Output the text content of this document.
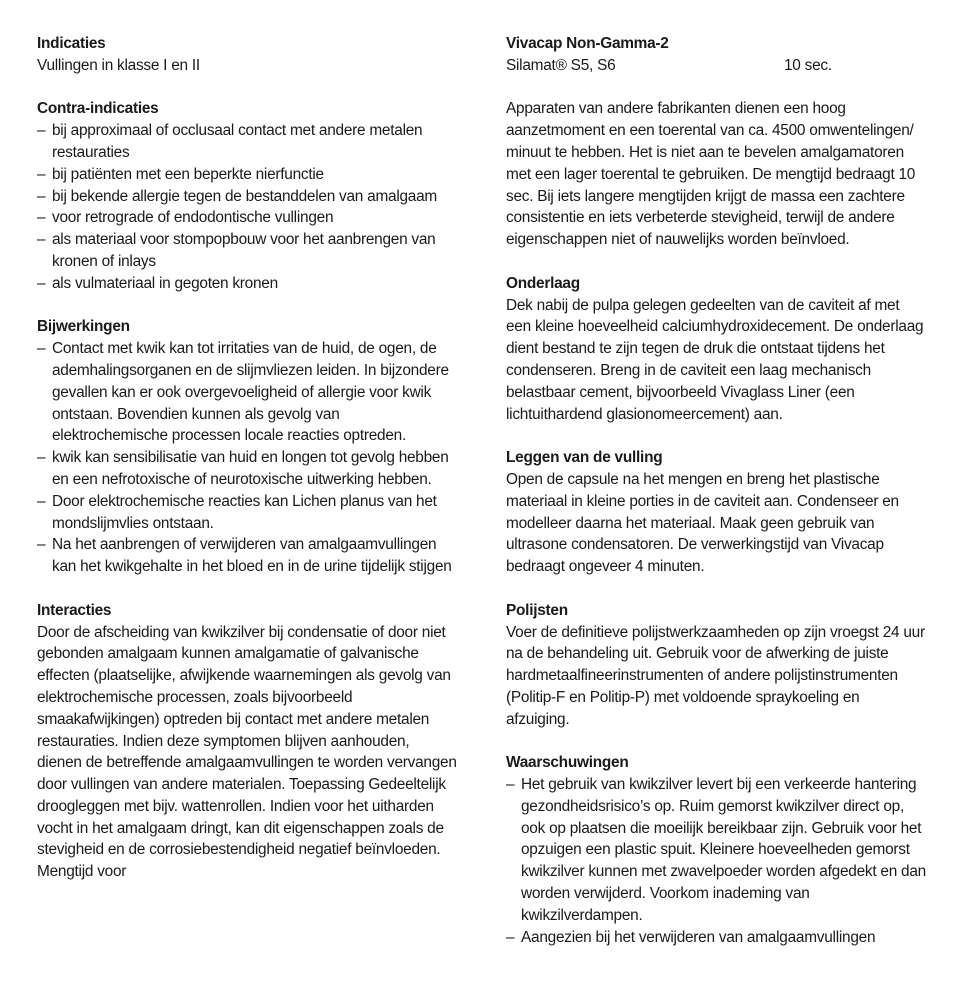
Indicaties

Vullingen in klasse I en II

Contra-indicaties

– bij approximaal of occlusaal contact met andere metalen restauraties
– bij patiënten met een beperkte nierfunctie
– bij bekende allergie tegen de bestanddelen van amalgaam
– voor retrograde of endodontische vullingen
– als materiaal voor stompopbouw voor het aanbrengen van kronen of inlays
– als vulmateriaal in gegoten kronen

Bijwerkingen

– Contact met kwik kan tot irritaties van de huid, de ogen, de ademhalingsorganen en de slijmvliezen leiden. In bijzondere gevallen kan er ook overgevoeligheid of allergie voor kwik ontstaan. Bovendien kunnen als gevolg van elektrochemische processen locale reacties optreden.
– kwik kan sensibilisatie van huid en longen tot gevolg hebben en een nefrotoxische of neurotoxische uitwerking hebben.
– Door elektrochemische reacties kan Lichen planus van het mondslijmvlies ontstaan.
– Na het aanbrengen of verwijderen van amalgaamvullingen kan het kwikgehalte in het bloed en in de urine tijdelijk stijgen

Interacties

Door de afscheiding van kwikzilver bij condensatie of door niet gebonden amalgaam kunnen amalgamatie of galvanische effecten (plaatselijke, afwijkende waarnemingen als gevolg van elektrochemische processen, zoals bijvoorbeeld smaakafwijkingen) optreden bij contact met andere metalen restauraties. Indien deze symptomen blijven aanhouden, dienen de betreffende amalgaamvullingen te worden vervangen door vullingen van andere materialen. Toepassing Gedeeltelijk drooglеggen met bijv. wattenrollen. Indien voor het uitharden vocht in het amalgaam dringt, kan dit eigenschappen zoals de stevigheid en de corrosiebestendigheid negatief beïnvloeden. Mengtijd voor

Vivacap Non-Gamma-2

Silamat® S5, S6	10 sec.

Apparaten van andere fabrikanten dienen een hoog aanzetmoment en een toerental van ca. 4500 omwentelingen/ minuut te hebben. Het is niet aan te bevelen amalgamatoren met een lager toerental te gebruiken. De mengtijd bedraagt 10 sec. Bij iets langere mengtijden krijgt de massa een zachtere consistentie en iets verbeterde stevigheid, terwijl de andere eigenschappen niet of nauwelijks worden beïnvloed.

Onderlaag

Dek nabij de pulpa gelegen gedeelten van de caviteit af met een kleine hoeveelheid calciumhydroxidecement. De onderlaag dient bestand te zijn tegen de druk die ontstaat tijdens het condenseren. Breng in de caviteit een laag mechanisch belastbaar cement, bijvoorbeeld Vivaglass Liner (een lichtuithardend glasionomeercement) aan.

Leggen van de vulling

Open de capsule na het mengen en breng het plastische materiaal in kleine porties in de caviteit aan. Condenseer en modelleer daarna het materiaal. Maak geen gebruik van ultrasone condensatoren. De verwerkingstijd van Vivacap bedraagt ongeveer 4 minuten.

Polijsten

Voer de definitieve polijstwerkzaamheden op zijn vroegst 24 uur na de behandeling uit. Gebruik voor de afwerking de juiste hardmetaalfineerinstrumenten of andere polijstinstrumenten (Politip-F en Politip-P) met voldoende spraykoeling en afzuiging.

Waarschuwingen

– Het gebruik van kwikzilver levert bij een verkeerde hantering gezondheidsrisico’s op. Ruim gemorst kwikzilver direct op, ook op plaatsen die moeilijk bereikbaar zijn. Gebruik voor het opzuigen een plastic spuit. Kleinere hoeveelheden gemorst kwikzilver kunnen met zwavelpoeder worden afgedekt en dan worden verwijderd. Voorkom inademing van kwikzilverdampen.
– Aangezien bij het verwijderen van amalgaamvullingen
